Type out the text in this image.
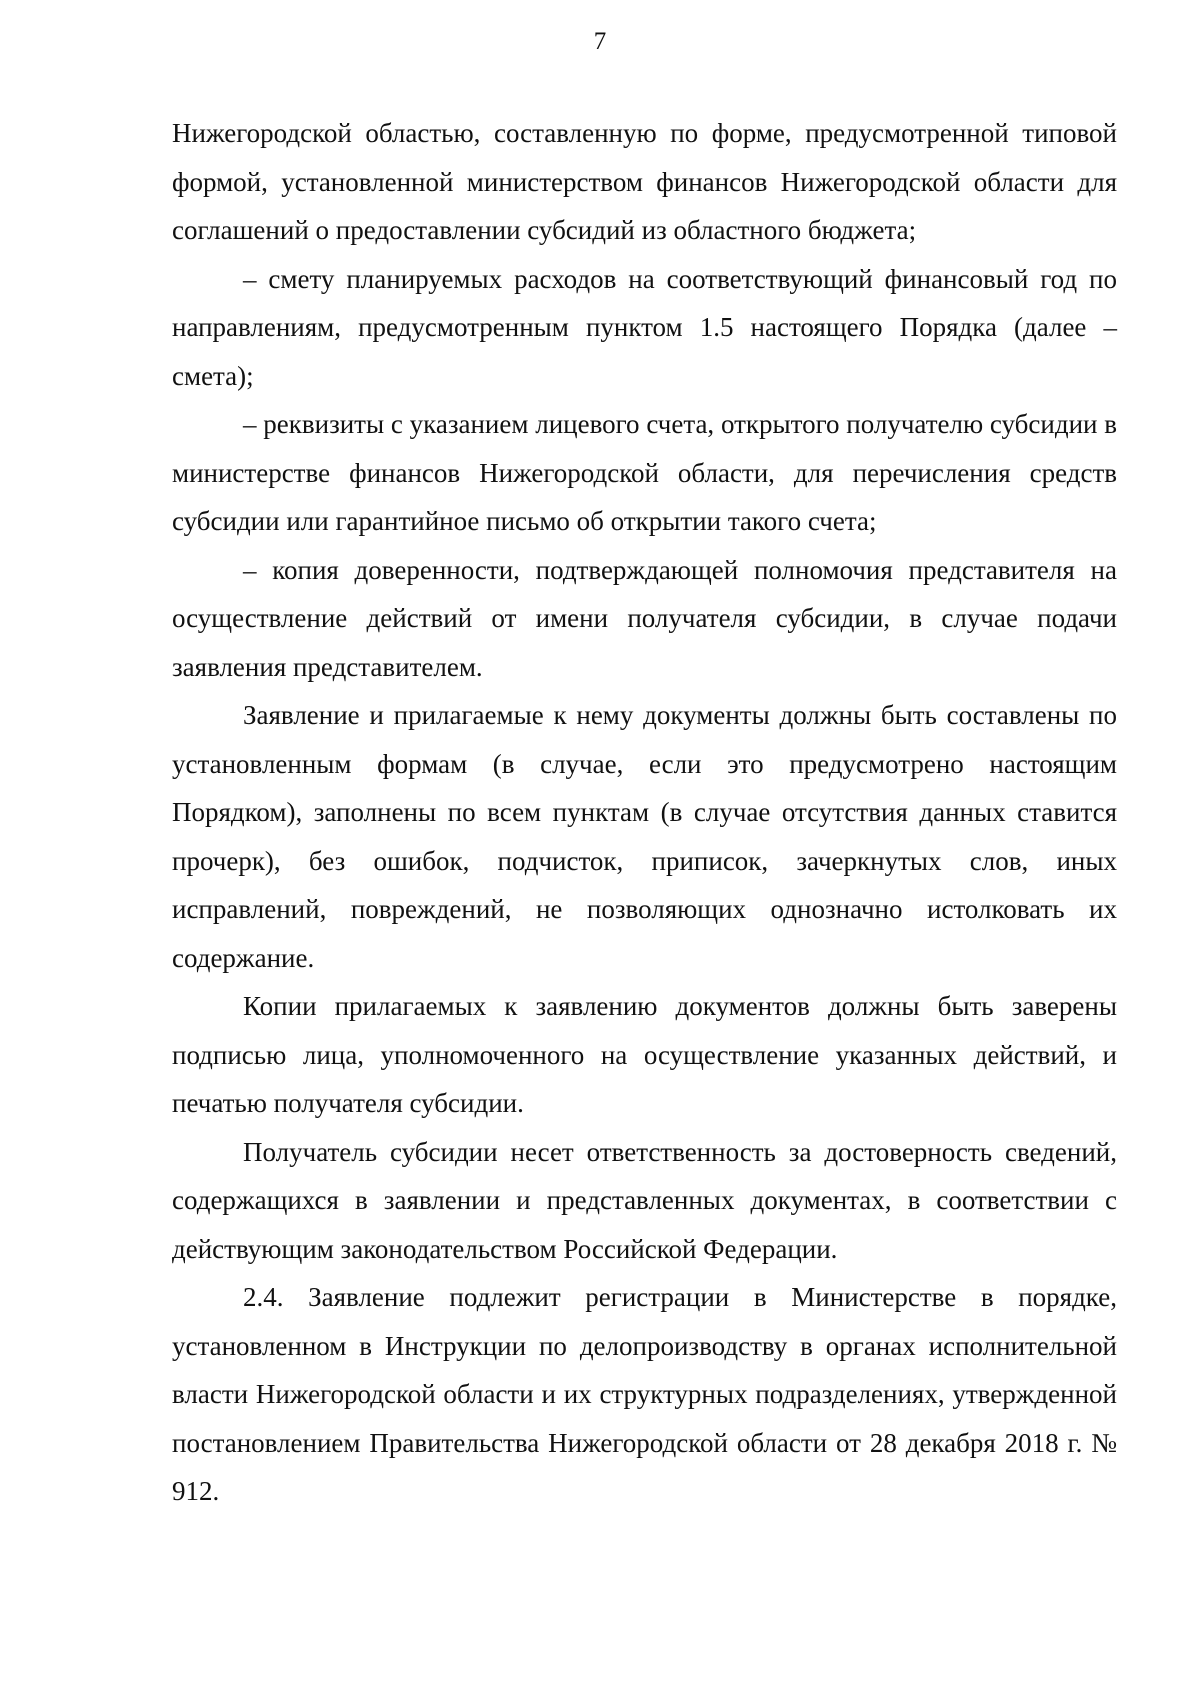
7

Нижегородской областью, составленную по форме, предусмотренной типовой формой, установленной министерством финансов Нижегородской области для соглашений о предоставлении субсидий из областного бюджета;

– смету планируемых расходов на соответствующий финансовый год по направлениям, предусмотренным пунктом 1.5 настоящего Порядка (далее – смета);

– реквизиты с указанием лицевого счета, открытого получателю субсидии в министерстве финансов Нижегородской области, для перечисления средств субсидии или гарантийное письмо об открытии такого счета;

– копия доверенности, подтверждающей полномочия представителя на осуществление действий от имени получателя субсидии, в случае подачи заявления представителем.

Заявление и прилагаемые к нему документы должны быть составлены по установленным формам (в случае, если это предусмотрено настоящим Порядком), заполнены по всем пунктам (в случае отсутствия данных ставится прочерк), без ошибок, подчисток, приписок, зачеркнутых слов, иных исправлений, повреждений, не позволяющих однозначно истолковать их содержание.

Копии прилагаемых к заявлению документов должны быть заверены подписью лица, уполномоченного на осуществление указанных действий, и печатью получателя субсидии.

Получатель субсидии несет ответственность за достоверность сведений, содержащихся в заявлении и представленных документах, в соответствии с действующим законодательством Российской Федерации.

2.4. Заявление подлежит регистрации в Министерстве в порядке, установленном в Инструкции по делопроизводству в органах исполнительной власти Нижегородской области и их структурных подразделениях, утвержденной постановлением Правительства Нижегородской области от 28 декабря 2018 г. № 912.
